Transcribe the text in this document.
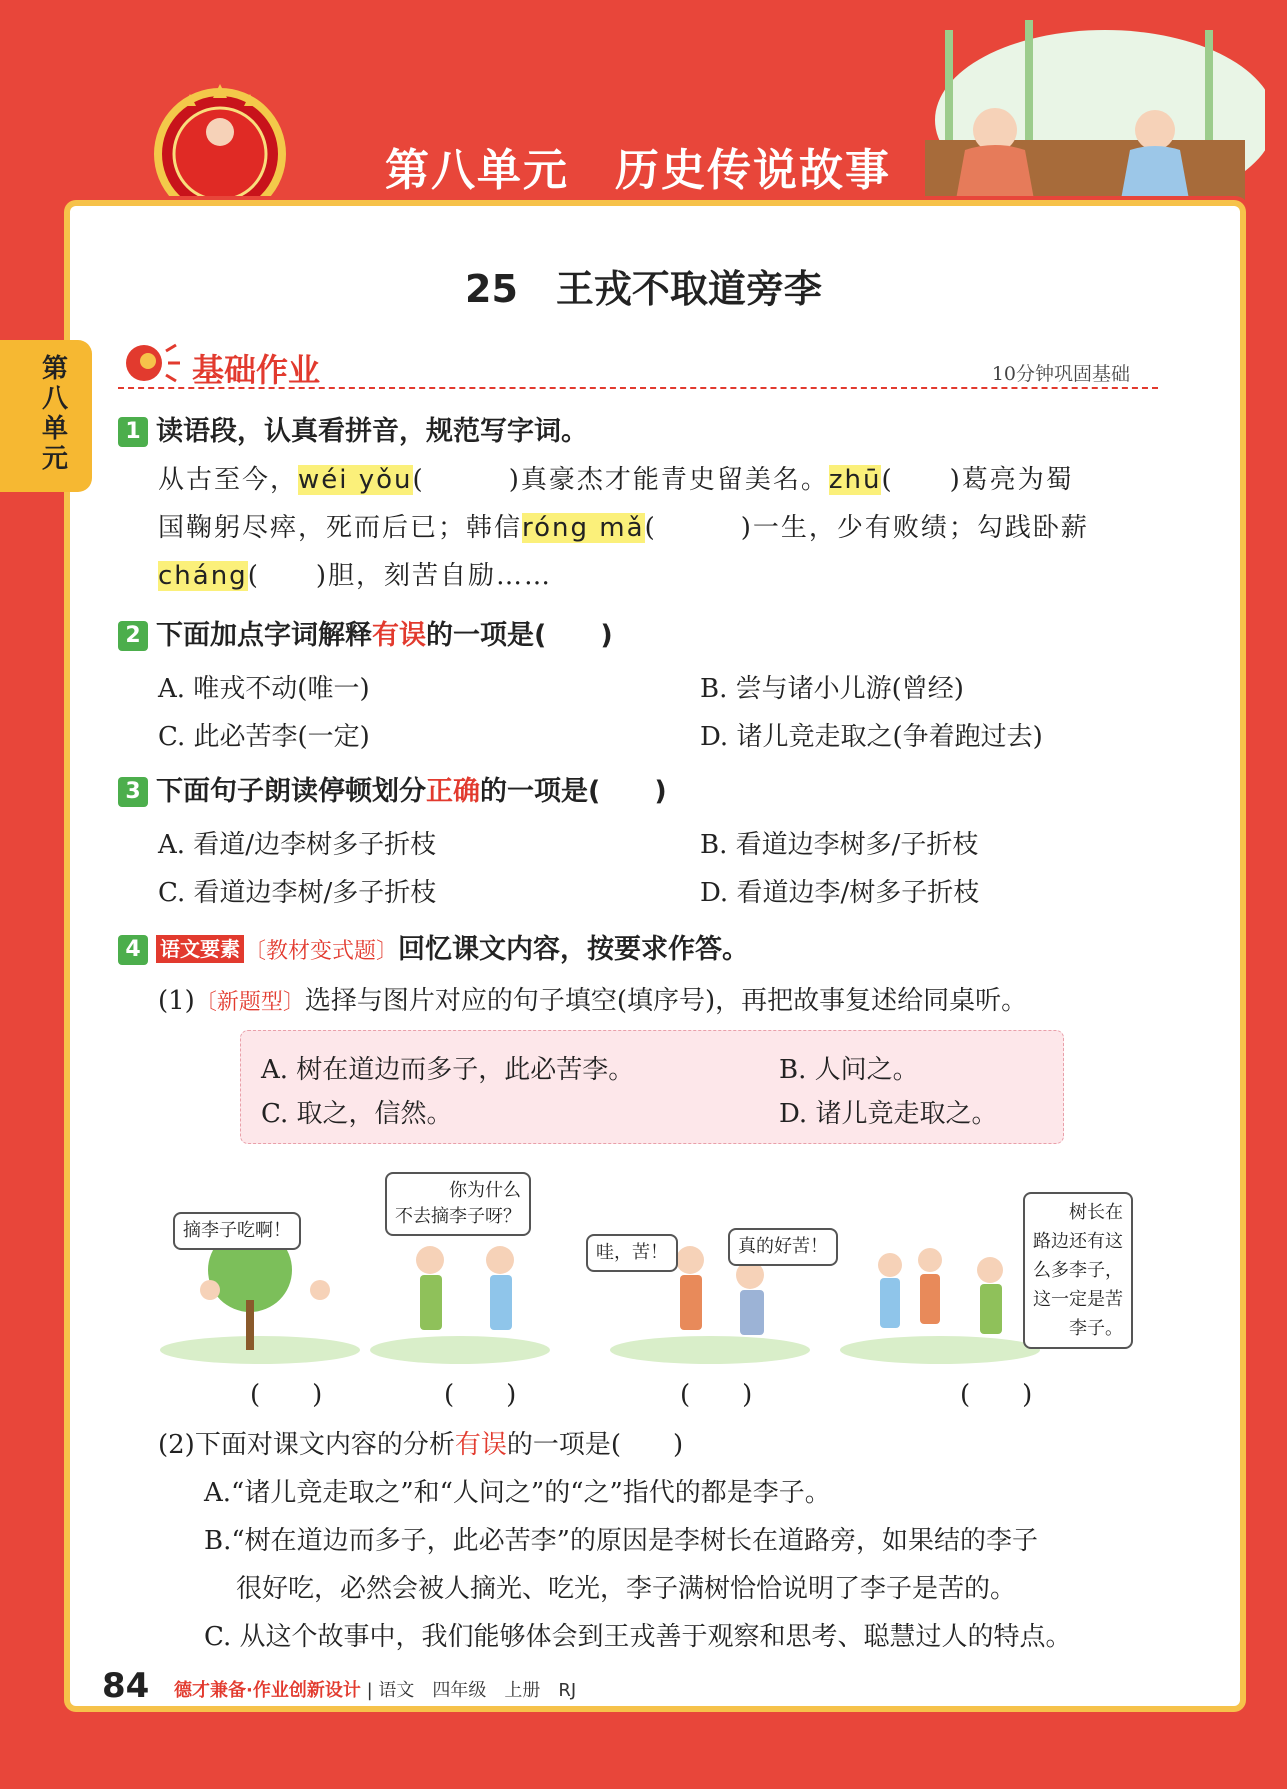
第八单元　历史传说故事
第八单元
25　王戎不取道旁李
基础作业	10分钟巩固基础
1 读语段，认真看拼音，规范写字词。
从古至今，wéi yǒu(　　　)真豪杰才能青史留美名。zhū(　　)葛亮为蜀
国鞠躬尽瘁，死而后已；韩信róng mǎ(　　　)一生，少有败绩；勾践卧薪
cháng(　　)胆，刻苦自励……
2 下面加点字词解释有误的一项是(　　)
A. 唯戎不动(唯一)	B. 尝与诸小儿游(曾经)
C. 此必苦李(一定)	D. 诸儿竞走取之(争着跑过去)
3 下面句子朗读停顿划分正确的一项是(　　)
A. 看道/边李树多子折枝	B. 看道边李树多/子折枝
C. 看道边李树/多子折枝	D. 看道边李/树多子折枝
4 语文要素 〔教材变式题〕回忆课文内容，按要求作答。
(1)〔新题型〕选择与图片对应的句子填空(填序号)，再把故事复述给同桌听。
A. 树在道边而多子，此必苦李。	B. 人问之。
C. 取之，信然。	D. 诸儿竞走取之。
摘李子吃啊！
你为什么
不去摘李子呀？
哇，苦！	真的好苦！
树长在
路边还有这
么多李子，
这一定是苦
李子。
(　　)	(　　)	(　　)	(　　)
(2)下面对课文内容的分析有误的一项是(　　)
A.“诸儿竞走取之”和“人问之”的“之”指代的都是李子。
B.“树在道边而多子，此必苦李”的原因是李树长在道路旁，如果结的李子
很好吃，必然会被人摘光、吃光，李子满树恰恰说明了李子是苦的。
C. 从这个故事中，我们能够体会到王戎善于观察和思考、聪慧过人的特点。
84 德才兼备·作业创新设计 | 语文　四年级　上册　RJ
